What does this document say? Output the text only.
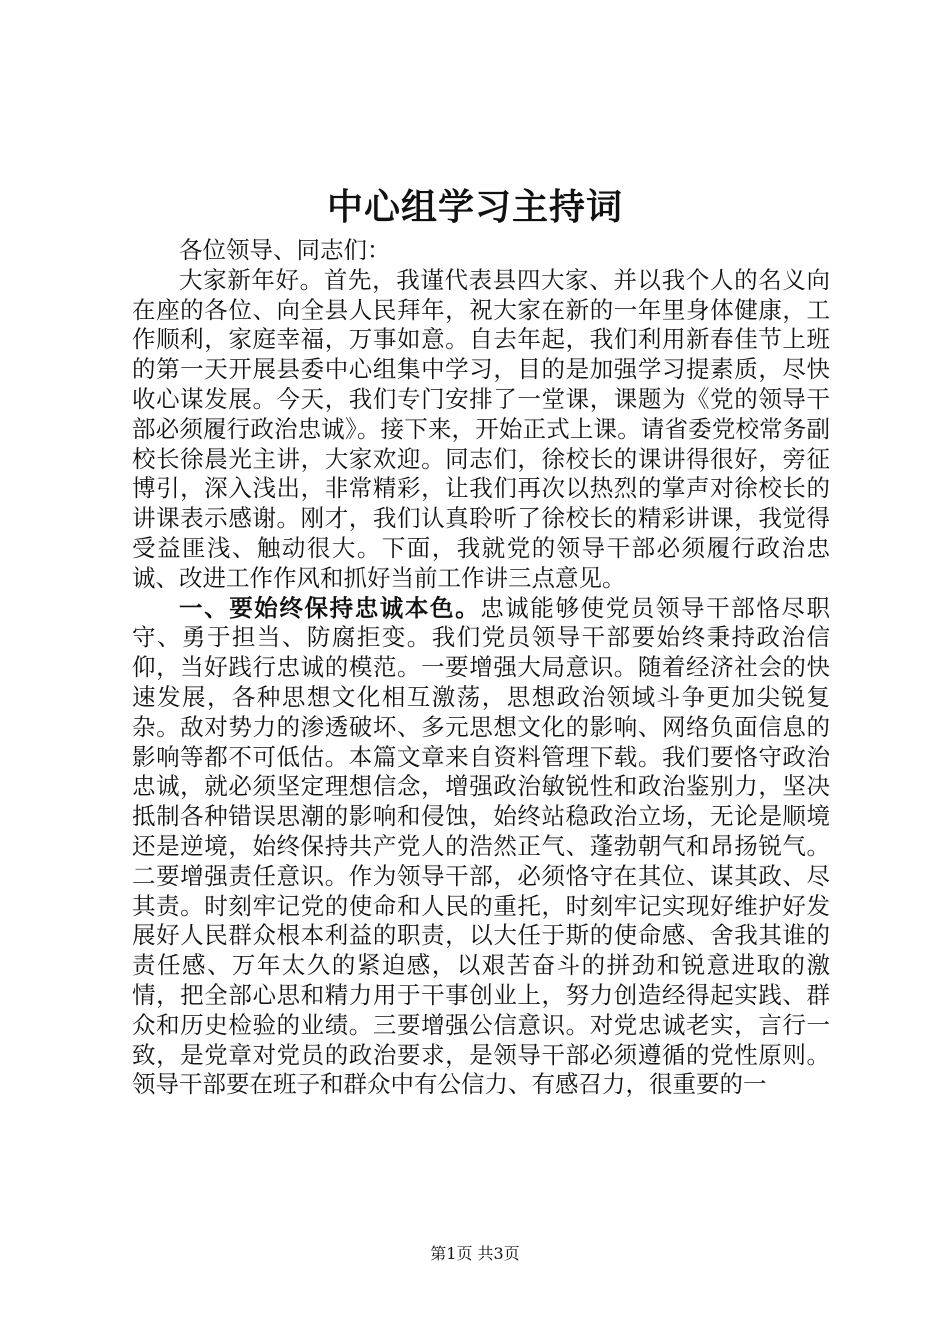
中心组学习主持词

各位领导、同志们：

大家新年好。首先，我谨代表县四大家、并以我个人的名义向在座的各位、向全县人民拜年，祝大家在新的一年里身体健康，工作顺利，家庭幸福，万事如意。自去年起，我们利用新春佳节上班的第一天开展县委中心组集中学习，目的是加强学习提素质，尽快收心谋发展。今天，我们专门安排了一堂课，课题为《党的领导干部必须履行政治忠诚》。接下来，开始正式上课。请省委党校常务副校长徐晨光主讲，大家欢迎。同志们，徐校长的课讲得很好，旁征博引，深入浅出，非常精彩，让我们再次以热烈的掌声对徐校长的讲课表示感谢。刚才，我们认真聆听了徐校长的精彩讲课，我觉得受益匪浅、触动很大。下面，我就党的领导干部必须履行政治忠诚、改进工作作风和抓好当前工作讲三点意见。

一、要始终保持忠诚本色。忠诚能够使党员领导干部恪尽职守、勇于担当、防腐拒变。我们党员领导干部要始终秉持政治信仰，当好践行忠诚的模范。一要增强大局意识。随着经济社会的快速发展，各种思想文化相互激荡，思想政治领域斗争更加尖锐复杂。敌对势力的渗透破坏、多元思想文化的影响、网络负面信息的影响等都不可低估。本篇文章来自资料管理下载。我们要恪守政治忠诚，就必须坚定理想信念，增强政治敏锐性和政治鉴别力，坚决抵制各种错误思潮的影响和侵蚀，始终站稳政治立场，无论是顺境还是逆境，始终保持共产党人的浩然正气、蓬勃朝气和昂扬锐气。二要增强责任意识。作为领导干部，必须恪守在其位、谋其政、尽其责。时刻牢记党的使命和人民的重托，时刻牢记实现好维护好发展好人民群众根本利益的职责，以大任于斯的使命感、舍我其谁的责任感、万年太久的紧迫感，以艰苦奋斗的拼劲和锐意进取的激情，把全部心思和精力用于干事创业上，努力创造经得起实践、群众和历史检验的业绩。三要增强公信意识。对党忠诚老实，言行一致，是党章对党员的政治要求，是领导干部必须遵循的党性原则。领导干部要在班子和群众中有公信力、有感召力，很重要的一

第1页 共3页
